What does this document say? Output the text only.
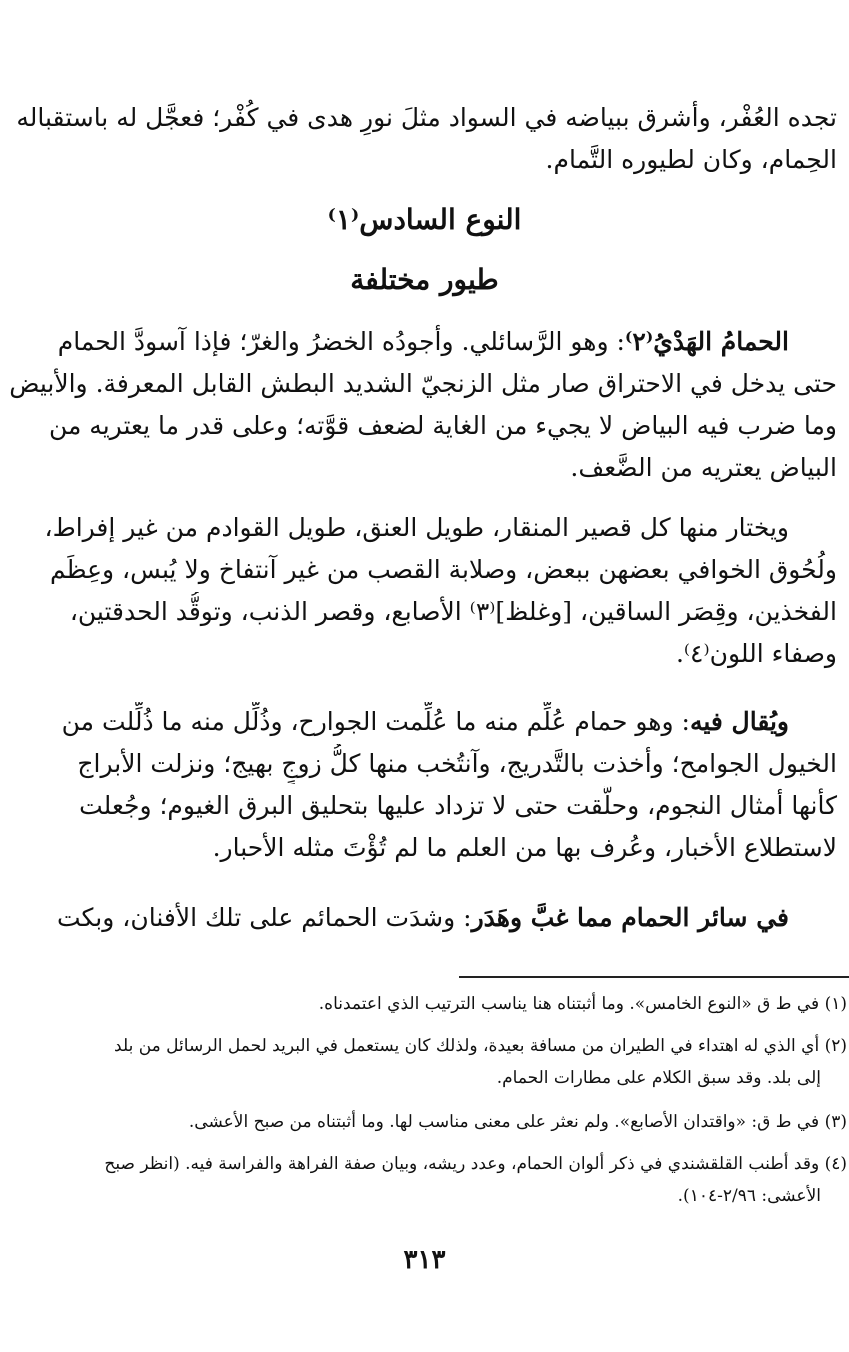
تجده العُفْر، وأشرق ببياضه في السواد مثلَ نورِ هدى في كُفْر؛ فعجَّل له باستقباله

الحِمام، وكان لطيوره التَّمام.

النوع السادس⁽١⁾

طيور مختلفة

الحمامُ الهَدْيُ⁽٢⁾: وهو الرَّسائلي. وأجودُه الخضرُ والغرّ؛ فإذا آسودَّ الحمام

حتى يدخل في الاحتراق صار مثل الزنجيّ الشديد البطش القابل المعرفة. والأبيض

وما ضرب فيه البياض لا يجيء من الغاية لضعف قوَّته؛ وعلى قدر ما يعتريه من

البياض يعتريه من الضَّعف.

ويختار منها كل قصير المنقار، طويل العنق، طويل القوادم من غير إفراط،

ولُحُوق الخوافي بعضهن ببعض، وصلابة القصب من غير آنتفاخ ولا يُبس، وعِظَم

الفخذين، وقِصَر الساقين، [وغلظ]⁽٣⁾ الأصابع، وقصر الذنب، وتوقُّد الحدقتين،

وصفاء اللون⁽٤⁾.

ويُقال فيه: وهو حمام عُلِّم منه ما عُلِّمت الجوارح، وذُلِّل منه ما ذُلِّلت من

الخيول الجوامح؛ وأخذت بالتَّدريج، وآنتُخب منها كلُّ زوجٍ بهيج؛ ونزلت الأبراج

كأنها أمثال النجوم، وحلَّقت حتى لا تزداد عليها بتحليق البرق الغيوم؛ وجُعلت

لاستطلاع الأخبار، وعُرف بها من العلم ما لم تُؤْتَ مثله الأحبار.

في سائر الحمام مما غبَّ وهَدَر: وشدَت الحمائم على تلك الأفنان، وبكت

(١) في ط ق «النوع الخامس». وما أثبتناه هنا يناسب الترتيب الذي اعتمدناه.

(٢) أي الذي له اهتداء في الطيران من مسافة بعيدة، ولذلك كان يستعمل في البريد لحمل الرسائل من بلد

إلى بلد. وقد سبق الكلام على مطارات الحمام.

(٣) في ط ق: «واقتدان الأصابع». ولم نعثر على معنى مناسب لها. وما أثبتناه من صبح الأعشى.

(٤) وقد أطنب القلقشندي في ذكر ألوان الحمام، وعدد ريشه، وبيان صفة الفراهة والفراسة فيه. (انظر صبح

الأعشى: ٢/٩٦-١٠٤).

٣١٣
